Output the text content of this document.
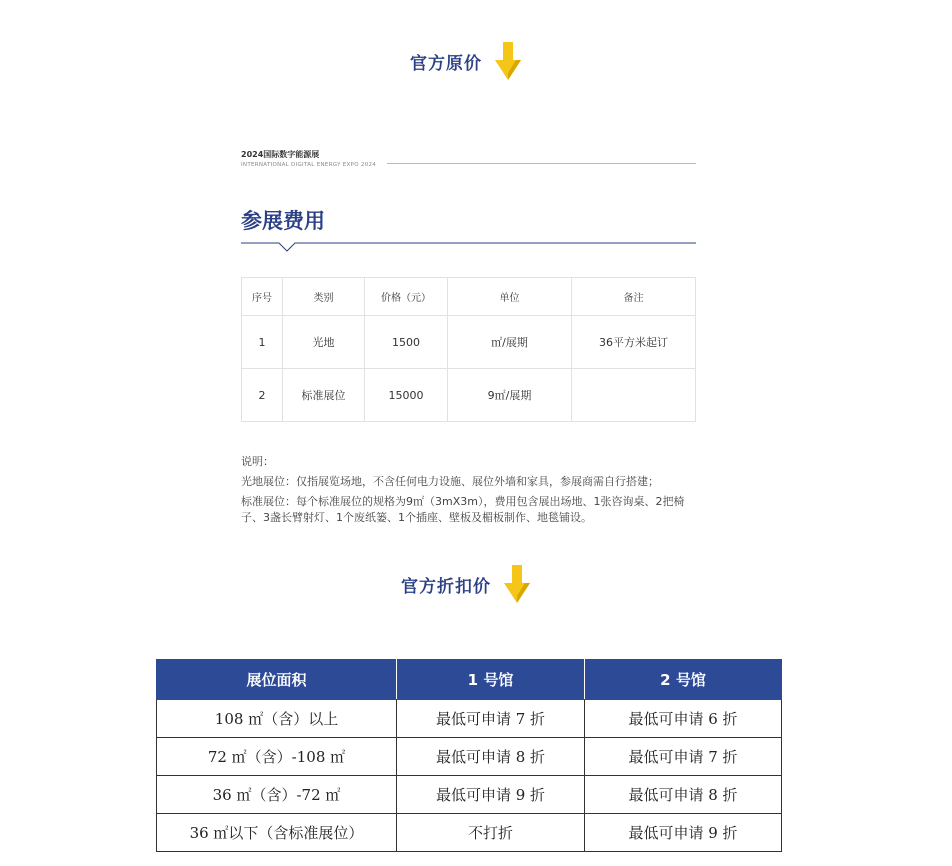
官方原价
2024国际数字能源展
INTERNATIONAL DIGITAL ENERGY EXPO 2024
参展费用
序号	类别	价格（元）	单位	备注
1	光地	1500	㎡/展期	36平方米起订
2	标准展位	15000	9㎡/展期	

说明：

光地展位：仅指展览场地，不含任何电力设施、展位外墙和家具，参展商需自行搭建；

标准展位：每个标准展位的规格为9㎡（3mX3m），费用包含展出场地、1张咨询桌、2把椅子、3盏长臂射灯、1个废纸篓、1个插座、壁板及楣板制作、地毯铺设。

官方折扣价
展位面积	1 号馆	2 号馆
108 ㎡（含）以上	最低可申请 7 折	最低可申请 6 折
72 ㎡（含）-108 ㎡	最低可申请 8 折	最低可申请 7 折
36 ㎡（含）-72 ㎡	最低可申请 9 折	最低可申请 8 折
36 ㎡以下（含标准展位）	不打折	最低可申请 9 折
